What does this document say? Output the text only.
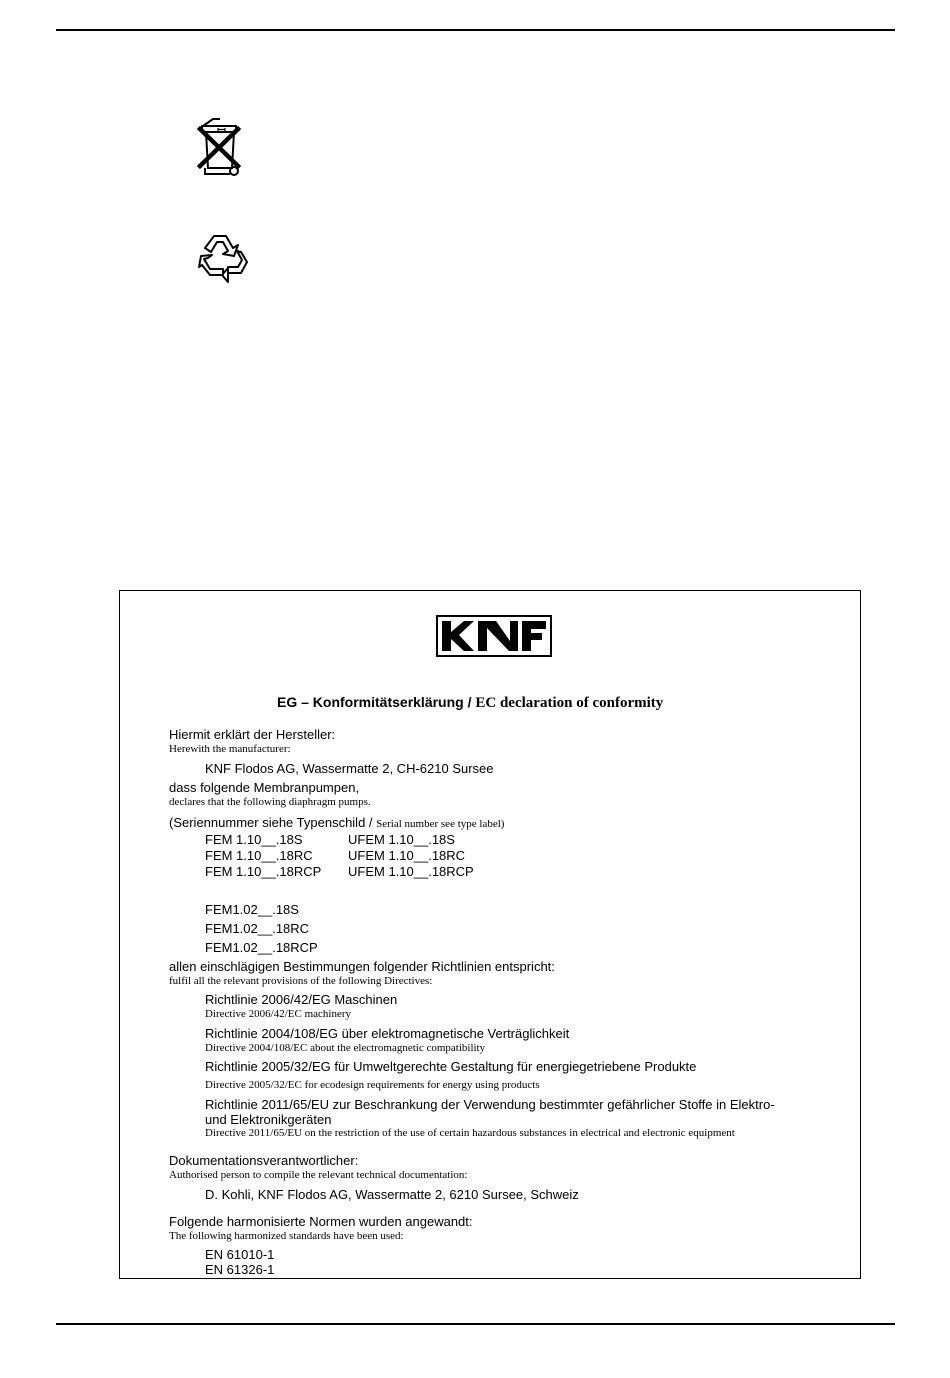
EG – Konformitätserklärung / EC declaration of conformity
Hiermit erklärt der Hersteller:
Herewith the manufacturer:
KNF Flodos AG, Wassermatte 2, CH-6210 Sursee
dass folgende Membranpumpen,
declares that the following diaphragm pumps.
(Seriennummer siehe Typenschild / Serial number see type label)
FEM 1.10__.18S	UFEM 1.10__.18S
FEM 1.10__.18RC	UFEM 1.10__.18RC
FEM 1.10__.18RCP UFEM 1.10__.18RCP
FEM1.02__.18S
FEM1.02__.18RC
FEM1.02__.18RCP
allen einschlägigen Bestimmungen folgender Richtlinien entspricht:
fulfil all the relevant provisions of the following Directives:
Richtlinie 2006/42/EG Maschinen
Directive 2006/42/EC machinery
Richtlinie 2004/108/EG über elektromagnetische Verträglichkeit
Directive 2004/108/EC about the electromagnetic compatibility
Richtlinie 2005/32/EG für Umweltgerechte Gestaltung für energiegetriebene Produkte
Directive 2005/32/EC for ecodesign requirements for energy using products
Richtlinie 2011/65/EU zur Beschrankung der Verwendung bestimmter gefährlicher Stoffe in Elektro-
und Elektronikgeräten
Directive 2011/65/EU on the restriction of the use of certain hazardous substances in electrical and electronic equipment
Dokumentationsverantwortlicher:
Authorised person to compile the relevant technical documentation:
D. Kohli, KNF Flodos AG, Wassermatte 2, 6210 Sursee, Schweiz
Folgende harmonisierte Normen wurden angewandt:
The following harmonized standards have been used:
EN 61010-1
EN 61326-1
